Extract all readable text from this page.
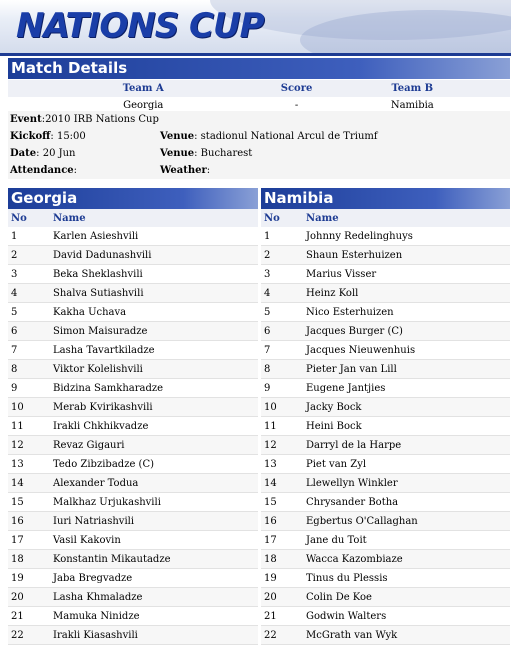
NATIONS CUP
Match Details
Team A	Score	Team B
Georgia	-	Namibia
Event:2010 IRB Nations Cup
Kickoff: 15:00	Venue: stadionul National Arcul de Triumf
Date: 20 Jun	Venue: Bucharest
Attendance:	Weather:
Georgia	Namibia
No	Name
1	Karlen Asieshvili
2	David Dadunashvili
3	Beka Sheklashvili
4	Shalva Sutiashvili
5	Kakha Uchava
6	Simon Maisuradze
7	Lasha Tavartkiladze
8	Viktor Kolelishvili
9	Bidzina Samkharadze
10	Merab Kvirikashvili
11	Irakli Chkhikvadze
12	Revaz Gigauri
13	Tedo Zibzibadze (C)
14	Alexander Todua
15	Malkhaz Urjukashvili
16	Iuri Natriashvili
17	Vasil Kakovin
18	Konstantin Mikautadze
19	Jaba Bregvadze
20	Lasha Khmaladze
21	Mamuka Ninidze
22	Irakli Kiasashvili
No	Name
1	Johnny Redelinghuys
2	Shaun Esterhuizen
3	Marius Visser
4	Heinz Koll
5	Nico Esterhuizen
6	Jacques Burger (C)
7	Jacques Nieuwenhuis
8	Pieter Jan van Lill
9	Eugene Jantjies
10	Jacky Bock
11	Heini Bock
12	Darryl de la Harpe
13	Piet van Zyl
14	Llewellyn Winkler
15	Chrysander Botha
16	Egbertus O'Callaghan
17	Jane du Toit
18	Wacca Kazombiaze
19	Tinus du Plessis
20	Colin De Koe
21	Godwin Walters
22	McGrath van Wyk
